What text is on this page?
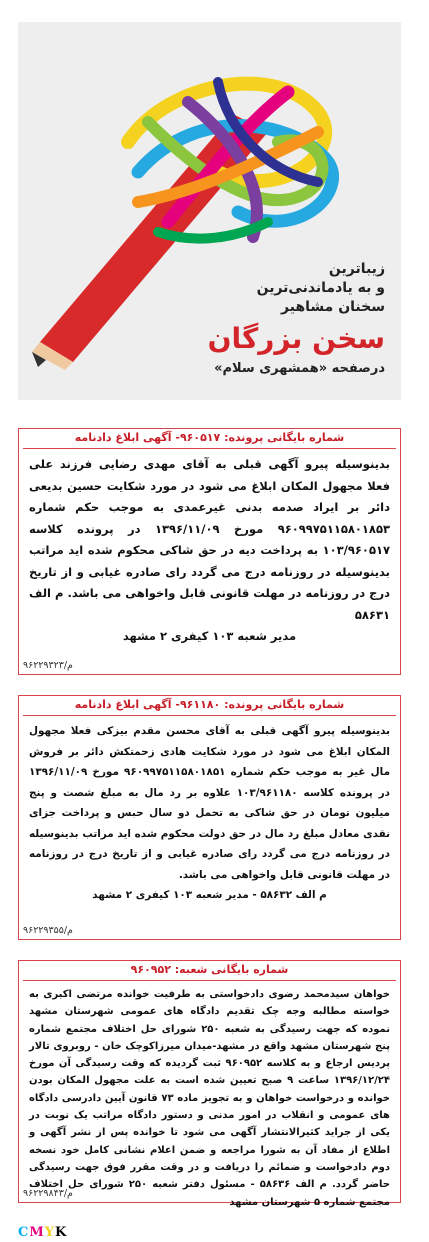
زیباترین
و به یادماندنی‌ترین
سخنان مشاهیر
سخن بزرگان
درصفحه «همشهری سلام»
شماره بایگانی پرونده: ۹۶۰۵۱۷- آگهی ابلاغ دادنامه

بدینوسیله پیرو آگهی قبلی به آقای مهدی رضایی فرزند علی فعلا مجهول المکان ابلاغ می شود در مورد شکایت حسین بدیعی دائر بر ایراد صدمه بدنی غیرعمدی به موجب حکم شماره ۹۶۰۹۹۷۵۱۱۵۸۰۱۸۵۳ مورخ ۱۳۹۶/۱۱/۰۹ در پرونده کلاسه ۱۰۳/۹۶۰۵۱۷ به پرداخت دیه در حق شاکی محکوم شده اید مراتب بدینوسیله در روزنامه درج می گردد رای صادره غیابی و از تاریخ درج در روزنامه در مهلت قانونی قابل واخواهی می باشد. م الف ۵۸۶۳۱

مدیر شعبه ۱۰۳ کیفری ۲ مشهد
۹۶۲۲۹۳۲۳/م
شماره بایگانی پرونده: ۹۶۱۱۸۰- آگهی ابلاغ دادنامه

بدینوسیله پیرو آگهی قبلی به آقای محسن مقدم بیزکی فعلا مجهول المکان ابلاغ می شود در مورد شکایت هادی زحمتکش دائر بر فروش مال غیر به موجب حکم شماره ۹۶۰۹۹۷۵۱۱۵۸۰۱۸۵۱ مورخ ۱۳۹۶/۱۱/۰۹ در پرونده کلاسه ۱۰۳/۹۶۱۱۸۰ علاوه بر رد مال به مبلغ شصت و پنج میلیون تومان در حق شاکی به تحمل دو سال حبس و پرداخت جزای نقدی معادل مبلغ رد مال در حق دولت محکوم شده اید مراتب بدینوسیله در روزنامه درج می گردد رای صادره غیابی و از تاریخ درج در روزنامه در مهلت قانونی قابل واخواهی می باشد.

م الف ۵۸۶۳۲ - مدیر شعبه ۱۰۳ کیفری ۲ مشهد
۹۶۲۲۹۳۵۵/م
شماره بایگانی شعبه: ۹۶۰۹۵۲

خواهان سیدمحمد رضوی دادخواستی به طرفیت خوانده مرتضی اکبری به خواسته مطالبه وجه چک تقدیم دادگاه های عمومی شهرستان مشهد نموده که جهت رسیدگی به شعبه ۲۵۰ شورای حل اختلاف مجتمع شماره پنج شهرستان مشهد واقع در مشهد-میدان میرزاکوچک خان - روبروی تالار پردیس ارجاع و به کلاسه ۹۶۰۹۵۲ ثبت گردیده که وقت رسیدگی آن مورخ ۱۳۹۶/۱۲/۲۴ ساعت ۹ صبح تعیین شده است به علت مجهول المکان بودن خوانده و درخواست خواهان و به تجویز ماده ۷۳ قانون آیین دادرسی دادگاه های عمومی و انقلاب در امور مدنی و دستور دادگاه مراتب یک نوبت در یکی از جراید کثیرالانتشار آگهی می شود تا خوانده پس از نشر آگهی و اطلاع از مفاد آن به شورا مراجعه و ضمن اعلام نشانی کامل خود نسخه دوم دادخواست و ضمائم را دریافت و در وقت مقرر فوق جهت رسیدگی حاضر گردد. م الف ۵۸۶۳۶ - مسئول دفتر شعبه ۲۵۰ شورای حل اختلاف مجتمع شماره ۵ شهرستان مشهد

۹۶۲۲۹۸۴۳/م
CMYK
